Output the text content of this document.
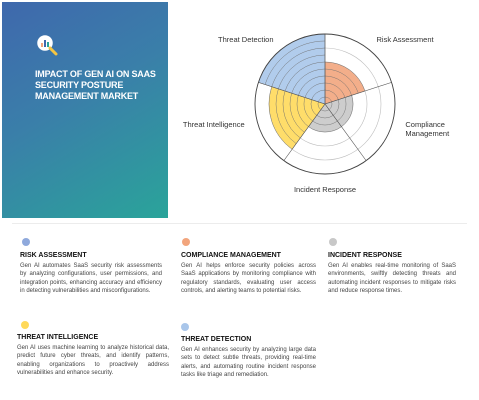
IMPACT OF GEN AI ON SAAS SECURITY POSTURE MANAGEMENT MARKET
Risk Assessment
Compliance Management
Incident Response
Threat Intelligence
Threat Detection
RISK ASSESSMENT
Gen AI automates SaaS security risk assessments by analyzing configurations, user permissions, and integration points, enhancing accuracy and efficiency in detecting vulnerabilities and misconfigurations.
COMPLIANCE MANAGEMENT
Gen AI helps enforce security policies across SaaS applications by monitoring compliance with regulatory standards, evaluating user access controls, and alerting teams to potential risks.
INCIDENT RESPONSE
Gen AI enables real-time monitoring of SaaS environments, swiftly detecting threats and automating incident responses to mitigate risks and reduce response times.
THREAT INTELLIGENCE
Gen AI uses machine learning to analyze historical data, predict future cyber threats, and identify patterns, enabling organizations to proactively address vulnerabilities and enhance security.
THREAT DETECTION
Gen AI enhances security by analyzing large data sets to detect subtle threats, providing real-time alerts, and automating routine incident response tasks like triage and remediation.
